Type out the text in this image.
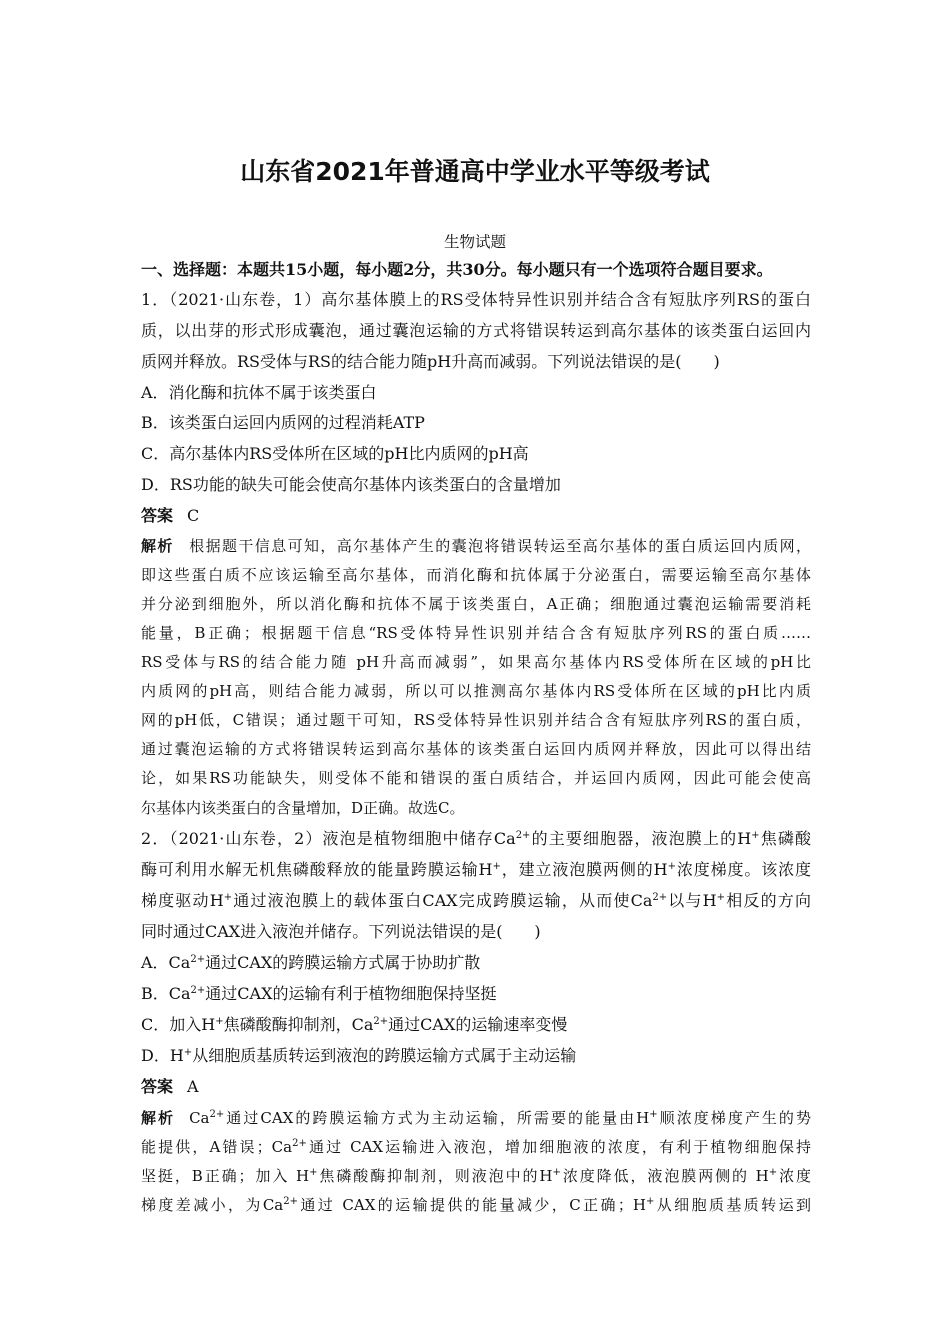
山东省2021年普通高中学业水平等级考试
生物试题
一、选择题：本题共15小题，每小题2分，共30分。每小题只有一个选项符合题目要求。
1．（2021·山东卷，1）高尔基体膜上的RS受体特异性识别并结合含有短肽序列RS的蛋白
质，以出芽的形式形成囊泡，通过囊泡运输的方式将错误转运到高尔基体的该类蛋白运回内
质网并释放。RS受体与RS的结合能力随pH升高而减弱。下列说法错误的是(　　)
A．消化酶和抗体不属于该类蛋白
B．该类蛋白运回内质网的过程消耗ATP
C．高尔基体内RS受体所在区域的pH比内质网的pH高
D．RS功能的缺失可能会使高尔基体内该类蛋白的含量增加
答案 C
解析 根据题干信息可知，高尔基体产生的囊泡将错误转运至高尔基体的蛋白质运回内质网，
即这些蛋白质不应该运输至高尔基体，而消化酶和抗体属于分泌蛋白，需要运输至高尔基体
并分泌到细胞外，所以消化酶和抗体不属于该类蛋白，A正确；细胞通过囊泡运输需要消耗
能量，B正确；根据题干信息“RS受体特异性识别并结合含有短肽序列RS的蛋白质……
RS受体与RS的结合能力随 pH升高而减弱”，如果高尔基体内RS受体所在区域的pH比
内质网的pH高，则结合能力减弱，所以可以推测高尔基体内RS受体所在区域的pH比内质
网的pH低，C错误；通过题干可知，RS受体特异性识别并结合含有短肽序列RS的蛋白质，
通过囊泡运输的方式将错误转运到高尔基体的该类蛋白运回内质网并释放，因此可以得出结
论，如果RS功能缺失，则受体不能和错误的蛋白质结合，并运回内质网，因此可能会使高
尔基体内该类蛋白的含量增加，D正确。故选C。
2．（2021·山东卷，2）液泡是植物细胞中储存$Ca^{2+}$的主要细胞器，液泡膜上的H+焦磷酸
酶可利用水解无机焦磷酸释放的能量跨膜运输H+，建立液泡膜两侧的H+浓度梯度。该浓度
梯度驱动H+通过液泡膜上的载体蛋白CAX完成跨膜运输，从而使$Ca^{2+}$以与H+相反的方向
同时通过CAX进入液泡并储存。下列说法错误的是(　　)
A．$Ca^{2+}$通过CAX的跨膜运输方式属于协助扩散
B．$Ca^{2+}$通过CAX的运输有利于植物细胞保持坚挺
C．加入H+焦磷酸酶抑制剂，$Ca^{2+}$通过CAX的运输速率变慢
D．H+从细胞质基质转运到液泡的跨膜运输方式属于主动运输
答案 A
解析 $Ca^{2+}$通过CAX的跨膜运输方式为主动运输，所需要的能量由H+顺浓度梯度产生的势
能提供，A错误；$Ca^{2+}$通过 CAX运输进入液泡，增加细胞液的浓度，有利于植物细胞保持
坚挺，B正确；加入 H+焦磷酸酶抑制剂，则液泡中的H+浓度降低，液泡膜两侧的 H+浓度
梯度差减小，为$Ca^{2+}$通过 CAX的运输提供的能量减少，C正确；H+从细胞质基质转运到
